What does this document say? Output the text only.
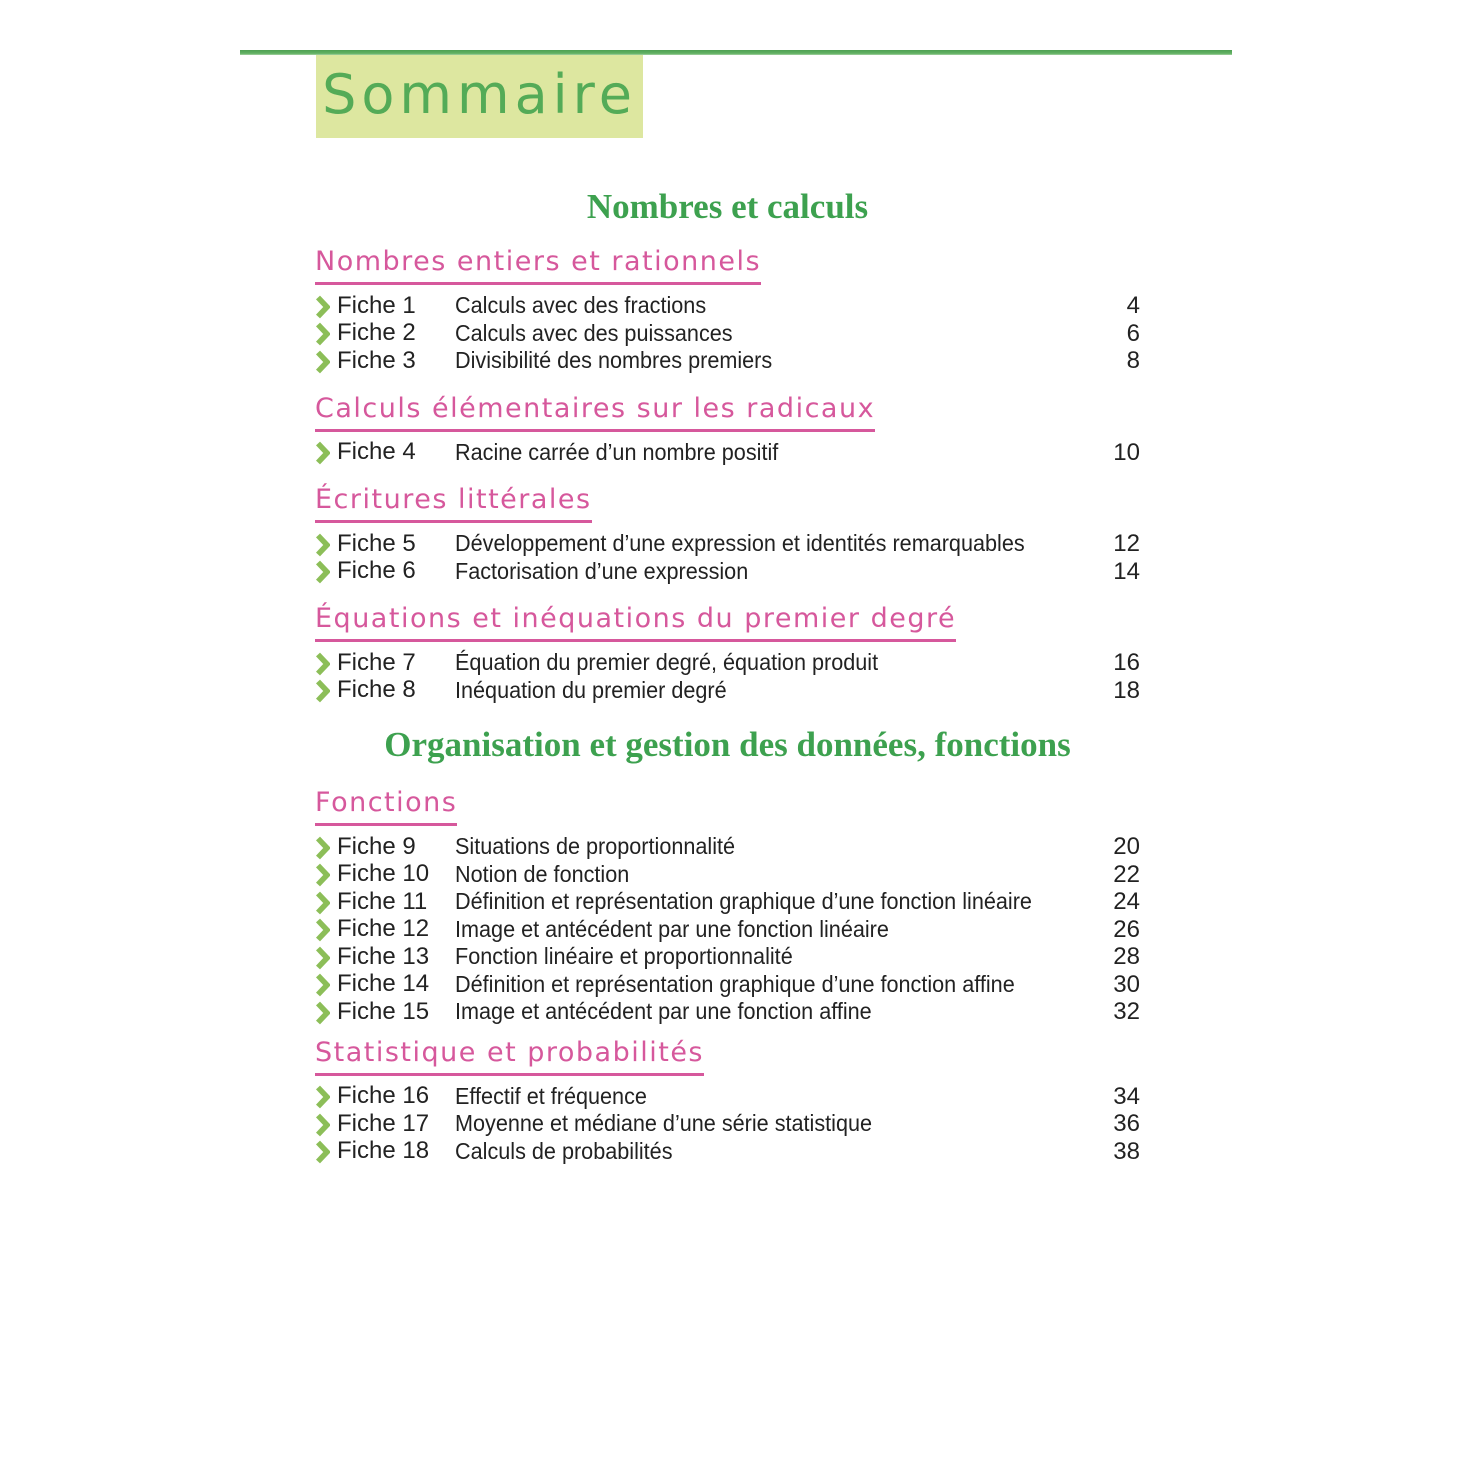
Sommaire
Nombres et calculs
Nombres entiers et rationnels
Fiche 1 Calculs avec des fractions	4
Fiche 2 Calculs avec des puissances	6
Fiche 3 Divisibilité des nombres premiers	8
Calculs élémentaires sur les radicaux
Fiche 4 Racine carrée d’un nombre positif	10
Écritures littérales
Fiche 5 Développement d’une expression et identités remarquables	12
Fiche 6 Factorisation d’une expression	14
Équations et inéquations du premier degré
Fiche 7 Équation du premier degré, équation produit	16
Fiche 8 Inéquation du premier degré	18
Organisation et gestion des données, fonctions
Fonctions
Fiche 9 Situations de proportionnalité	20
Fiche 10 Notion de fonction	22
Fiche 11 Définition et représentation graphique d’une fonction linéaire	24
Fiche 12 Image et antécédent par une fonction linéaire	26
Fiche 13 Fonction linéaire et proportionnalité	28
Fiche 14 Définition et représentation graphique d’une fonction affine	30
Fiche 15 Image et antécédent par une fonction affine	32
Statistique et probabilités
Fiche 16 Effectif et fréquence	34
Fiche 17 Moyenne et médiane d’une série statistique	36
Fiche 18 Calculs de probabilités	38
